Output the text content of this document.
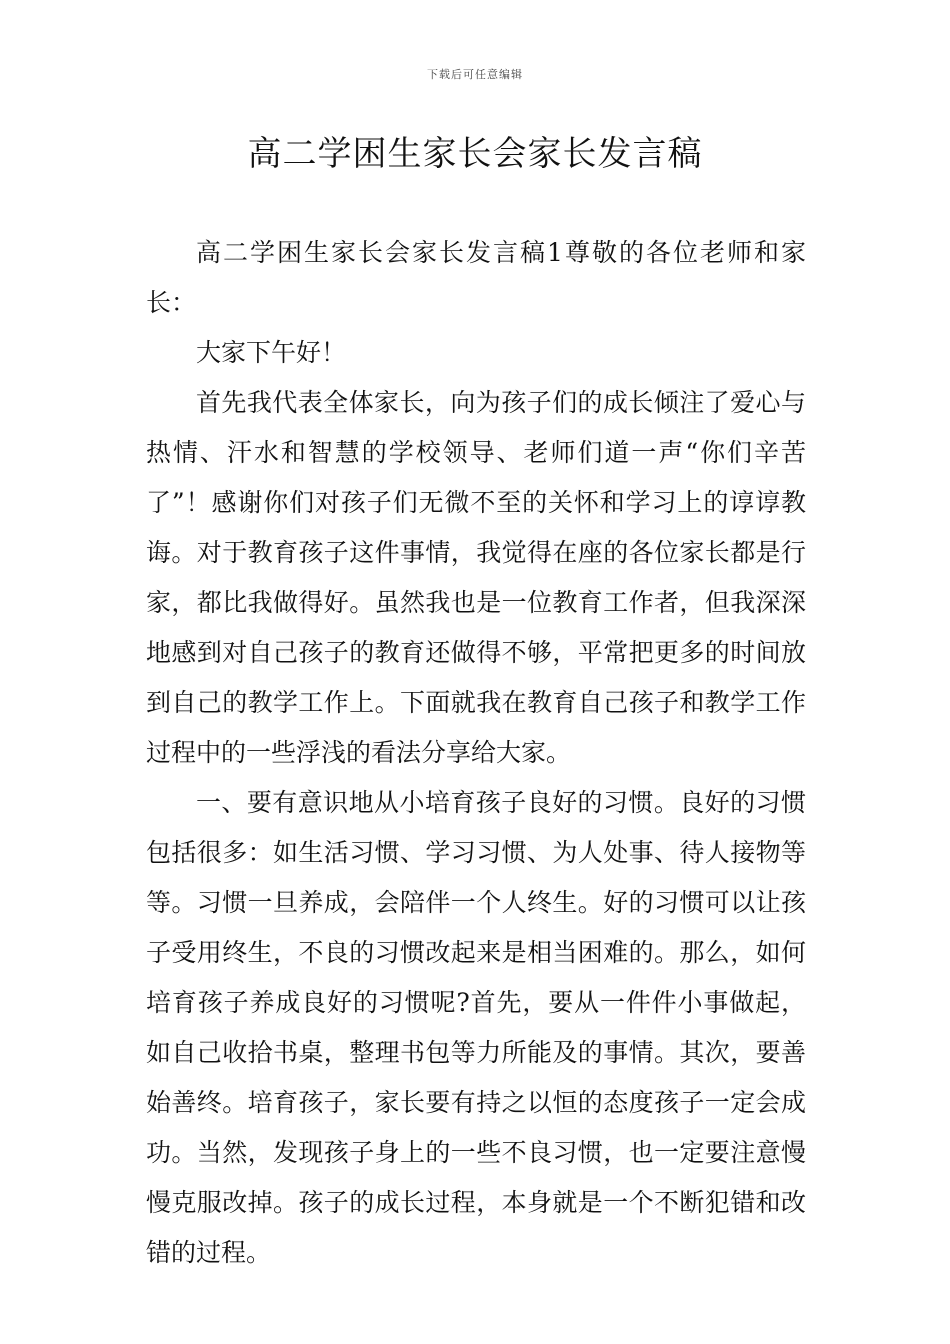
下载后可任意编辑
高二学困生家长会家长发言稿

高二学困生家长会家长发言稿1尊敬的各位老师和家长：

大家下午好！

首先我代表全体家长，向为孩子们的成长倾注了爱心与热情、汗水和智慧的学校领导、老师们道一声“你们辛苦了”！感谢你们对孩子们无微不至的关怀和学习上的谆谆教诲。对于教育孩子这件事情，我觉得在座的各位家长都是行家，都比我做得好。虽然我也是一位教育工作者，但我深深地感到对自己孩子的教育还做得不够，平常把更多的时间放到自己的教学工作上。下面就我在教育自己孩子和教学工作过程中的一些浮浅的看法分享给大家。

一、要有意识地从小培育孩子良好的习惯。良好的习惯包括很多：如生活习惯、学习习惯、为人处事、待人接物等等。习惯一旦养成，会陪伴一个人终生。好的习惯可以让孩子受用终生，不良的习惯改起来是相当困难的。那么，如何培育孩子养成良好的习惯呢?首先，要从一件件小事做起，如自己收拾书桌，整理书包等力所能及的事情。其次，要善始善终。培育孩子，家长要有持之以恒的态度孩子一定会成功。当然，发现孩子身上的一些不良习惯，也一定要注意慢慢克服改掉。孩子的成长过程，本身就是一个不断犯错和改错的过程。
